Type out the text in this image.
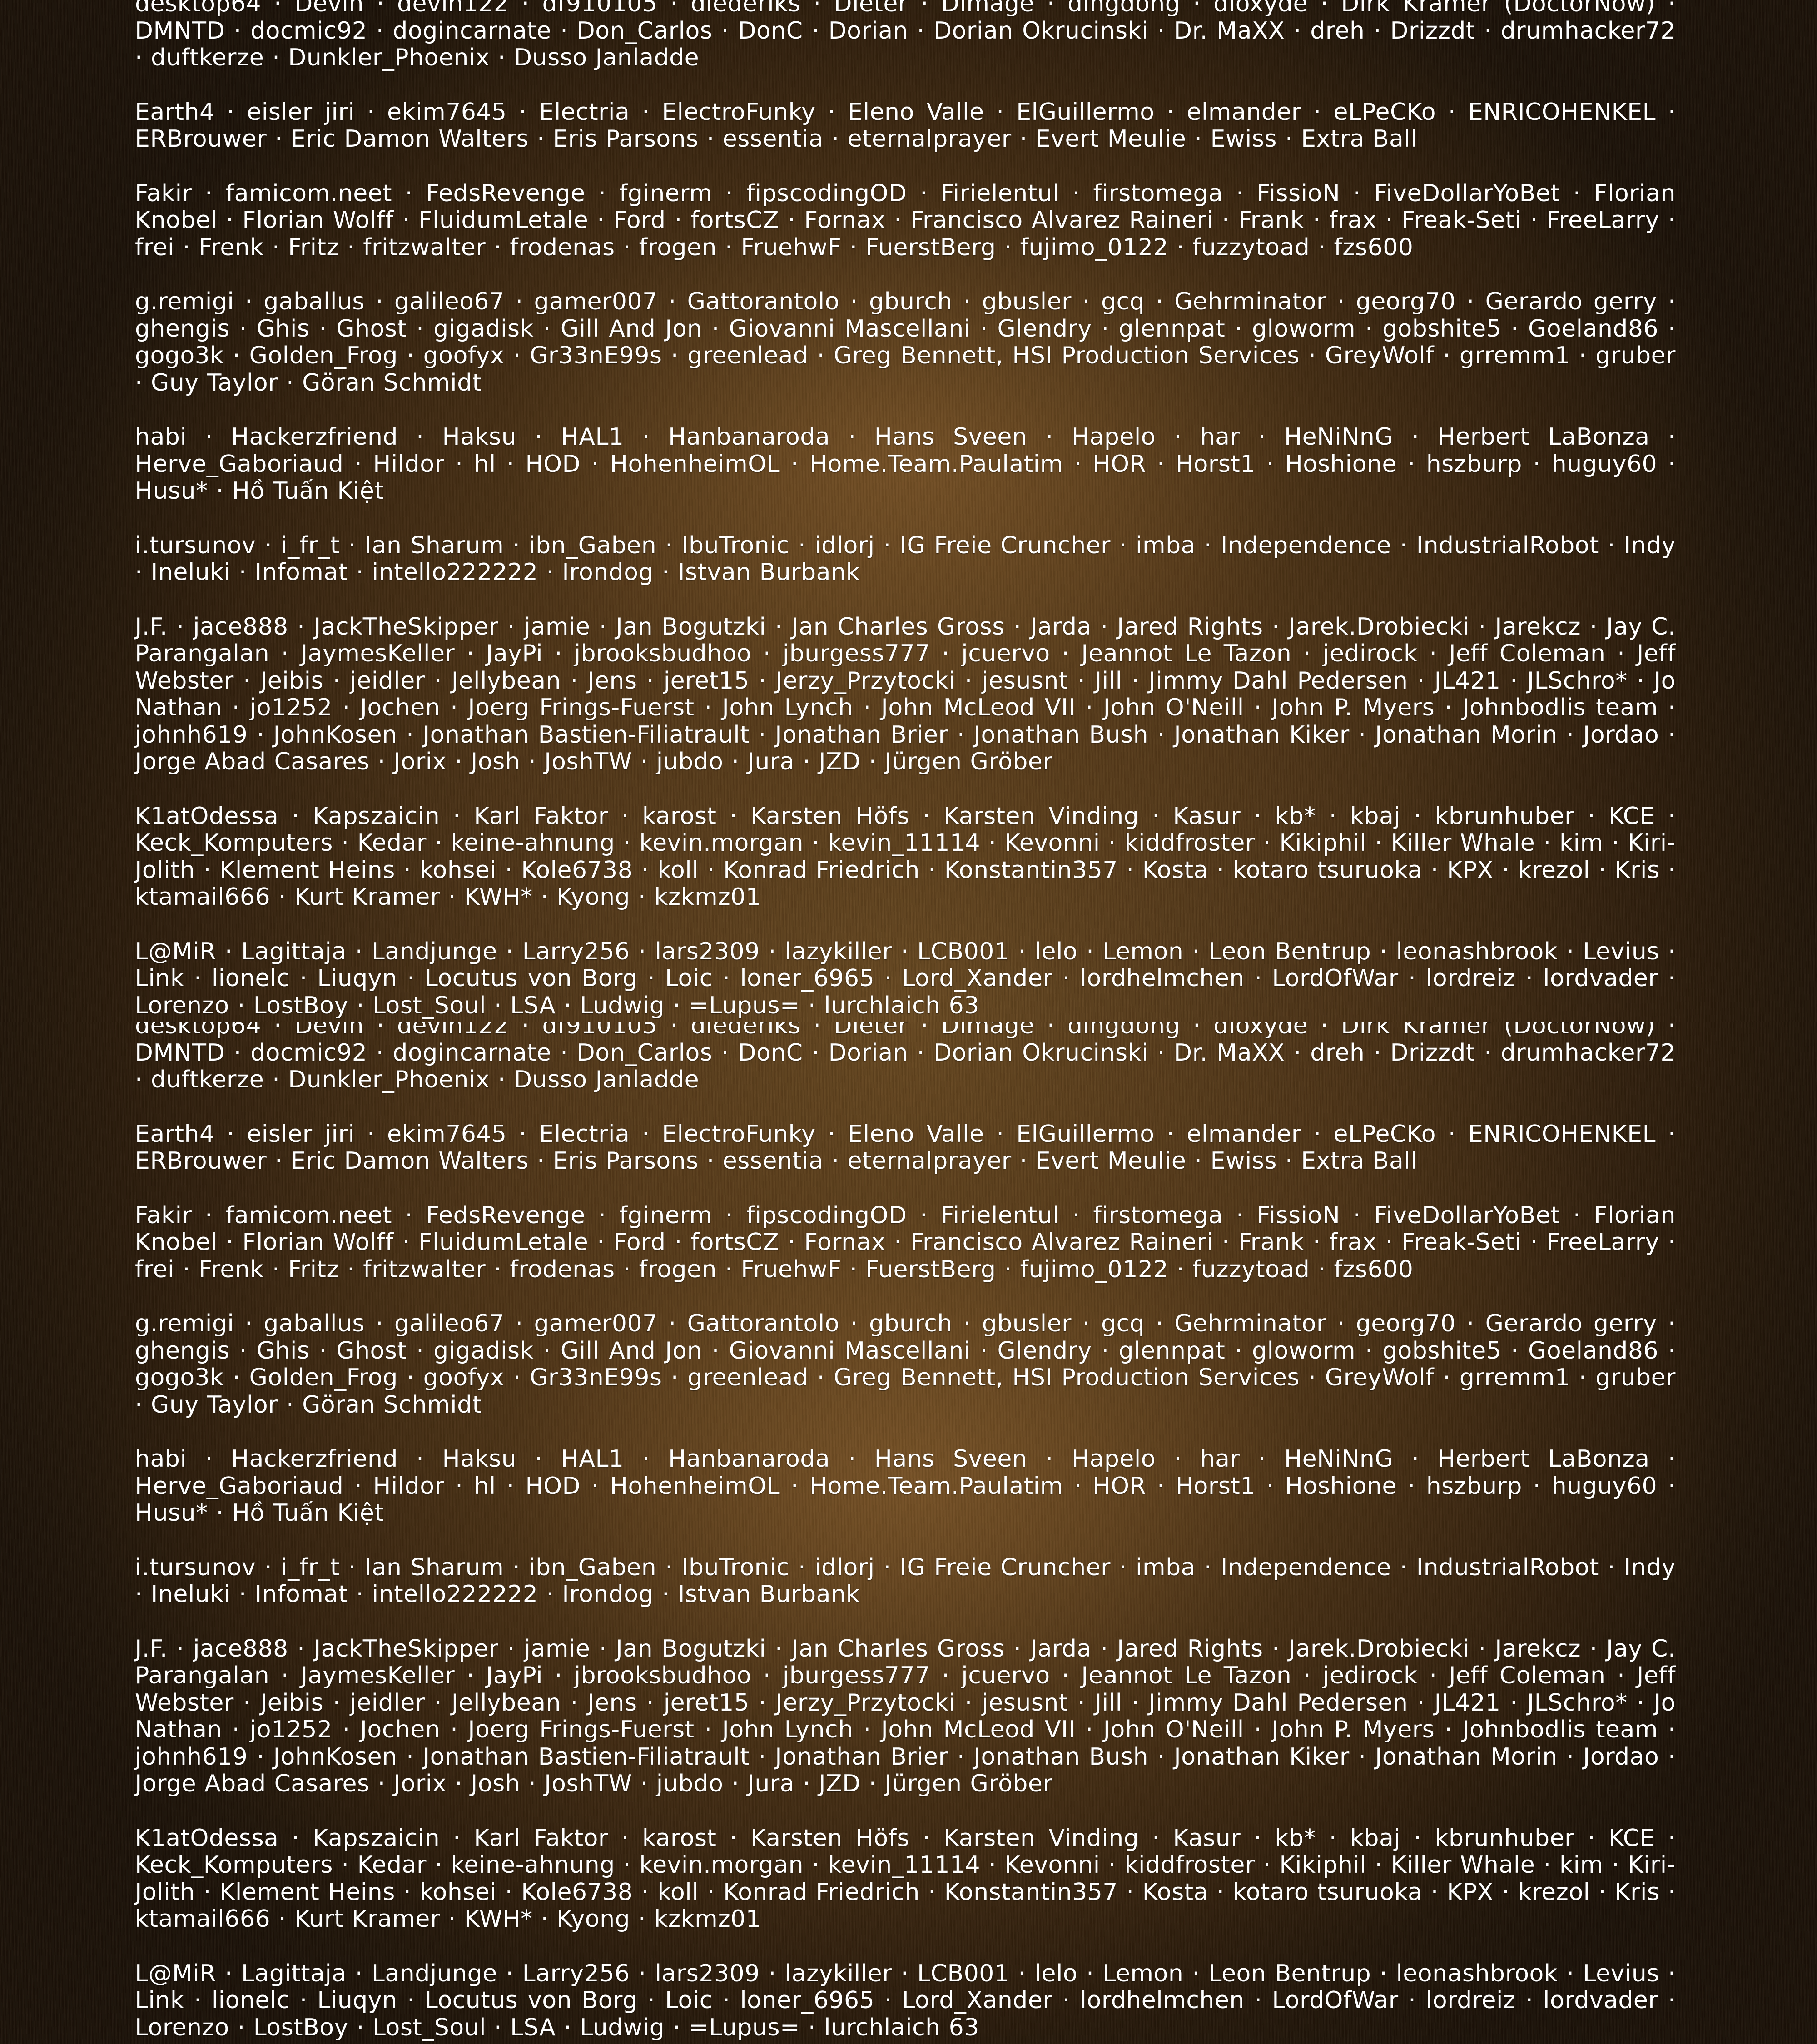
desktop64 · Devin · devin122 · df910105 · diederiks · Dieter · Dimage · dingdong · dioxyde · Dirk Krämer (DoctorNow) · DMNTD · docmic92 · dogincarnate · Don_Carlos · DonC · Dorian · Dorian Okrucinski · Dr. MaXX · dreh · Drizzdt · drumhacker72 · duftkerze · Dunkler_Phoenix · Dusso Janladde

Earth4 · eisler jiri · ekim7645 · Electria · ElectroFunky · Eleno Valle · ElGuillermo · elmander · eLPeCKo · ENRICOHENKEL · ERBrouwer · Eric Damon Walters · Eris Parsons · essentia · eternalprayer · Evert Meulie · Ewiss · Extra Ball

Fakir · famicom.neet · FedsRevenge · fginerm · fipscodingOD · Firielentul · firstomega · FissioN · FiveDollarYoBet · Florian Knobel · Florian Wolff · FluidumLetale · Ford · fortsCZ · Fornax · Francisco Alvarez Raineri · Frank · frax · Freak-Seti · FreeLarry · frei · Frenk · Fritz · fritzwalter · frodenas · frogen · FruehwF · FuerstBerg · fujimo_0122 · fuzzytoad · fzs600

g.remigi · gaballus · galileo67 · gamer007 · Gattorantolo · gburch · gbusler · gcq · Gehrminator · georg70 · Gerardo gerry · ghengis · Ghis · Ghost · gigadisk · Gill And Jon · Giovanni Mascellani · Glendry · glennpat · gloworm · gobshite5 · Goeland86 · gogo3k · Golden_Frog · goofyx · Gr33nE99s · greenlead · Greg Bennett, HSI Production Services · GreyWolf · grremm1 · gruber · Guy Taylor · Göran Schmidt

habi · Hackerzfriend · Haksu · HAL1 · Hanbanaroda · Hans Sveen · Hapelo · har · HeNiNnG · Herbert LaBonza · Herve_Gaboriaud · Hildor · hl · HOD · HohenheimOL · Home.Team.Paulatim · HOR · Horst1 · Hoshione · hszburp · huguy60 · Husu* · Hồ Tuấn Kiệt

i.tursunov · i_fr_t · Ian Sharum · ibn_Gaben · IbuTronic · idlorj · IG Freie Cruncher · imba · Independence · IndustrialRobot · Indy · Ineluki · Infomat · intello222222 · Irondog · Istvan Burbank

J.F. · jace888 · JackTheSkipper · jamie · Jan Bogutzki · Jan Charles Gross · Jarda · Jared Rights · Jarek.Drobiecki · Jarekcz · Jay C. Parangalan · JaymesKeller · JayPi · jbrooksbudhoo · jburgess777 · jcuervo · Jeannot Le Tazon · jedirock · Jeff Coleman · Jeff Webster · Jeibis · jeidler · Jellybean · Jens · jeret15 · Jerzy_Przytocki · jesusnt · Jill · Jimmy Dahl Pedersen · JL421 · JLSchro* · Jo Nathan · jo1252 · Jochen · Joerg Frings-Fuerst · John Lynch · John McLeod VII · John O'Neill · John P. Myers · Johnbodlis team · johnh619 · JohnKosen · Jonathan Bastien-Filiatrault · Jonathan Brier · Jonathan Bush · Jonathan Kiker · Jonathan Morin · Jordao · Jorge Abad Casares · Jorix · Josh · JoshTW · jubdo · Jura · JZD · Jürgen Gröber

K1atOdessa · Kapszaicin · Karl Faktor · karost · Karsten Höfs · Karsten Vinding · Kasur · kb* · kbaj · kbrunhuber · KCE · Keck_Komputers · Kedar · keine-ahnung · kevin.morgan · kevin_11114 · Kevonni · kiddfroster · Kikiphil · Killer Whale · kim · Kiri-Jolith · Klement Heins · kohsei · Kole6738 · koll · Konrad Friedrich · Konstantin357 · Kosta · kotaro tsuruoka · KPX · krezol · Kris · ktamail666 · Kurt Kramer · KWH* · Kyong · kzkmz01

L@MiR · Lagittaja · Landjunge · Larry256 · lars2309 · lazykiller · LCB001 · lelo · Lemon · Leon Bentrup · leonashbrook · Levius · Link · lionelc · Liuqyn · Locutus von Borg · Loic · loner_6965 · Lord_Xander · lordhelmchen · LordOfWar · lordreiz · lordvader · Lorenzo · LostBoy · Lost_Soul · LSA · Ludwig · =Lupus= · lurchlaich 63

desktop64 · Devin · devin122 · df910105 · diederiks · Dieter · Dimage · dingdong · dioxyde · Dirk Krämer (DoctorNow) · DMNTD · docmic92 · dogincarnate · Don_Carlos · DonC · Dorian · Dorian Okrucinski · Dr. MaXX · dreh · Drizzdt · drumhacker72 · duftkerze · Dunkler_Phoenix · Dusso Janladde

Earth4 · eisler jiri · ekim7645 · Electria · ElectroFunky · Eleno Valle · ElGuillermo · elmander · eLPeCKo · ENRICOHENKEL · ERBrouwer · Eric Damon Walters · Eris Parsons · essentia · eternalprayer · Evert Meulie · Ewiss · Extra Ball

Fakir · famicom.neet · FedsRevenge · fginerm · fipscodingOD · Firielentul · firstomega · FissioN · FiveDollarYoBet · Florian Knobel · Florian Wolff · FluidumLetale · Ford · fortsCZ · Fornax · Francisco Alvarez Raineri · Frank · frax · Freak-Seti · FreeLarry · frei · Frenk · Fritz · fritzwalter · frodenas · frogen · FruehwF · FuerstBerg · fujimo_0122 · fuzzytoad · fzs600

g.remigi · gaballus · galileo67 · gamer007 · Gattorantolo · gburch · gbusler · gcq · Gehrminator · georg70 · Gerardo gerry · ghengis · Ghis · Ghost · gigadisk · Gill And Jon · Giovanni Mascellani · Glendry · glennpat · gloworm · gobshite5 · Goeland86 · gogo3k · Golden_Frog · goofyx · Gr33nE99s · greenlead · Greg Bennett, HSI Production Services · GreyWolf · grremm1 · gruber · Guy Taylor · Göran Schmidt

habi · Hackerzfriend · Haksu · HAL1 · Hanbanaroda · Hans Sveen · Hapelo · har · HeNiNnG · Herbert LaBonza · Herve_Gaboriaud · Hildor · hl · HOD · HohenheimOL · Home.Team.Paulatim · HOR · Horst1 · Hoshione · hszburp · huguy60 · Husu* · Hồ Tuấn Kiệt

i.tursunov · i_fr_t · Ian Sharum · ibn_Gaben · IbuTronic · idlorj · IG Freie Cruncher · imba · Independence · IndustrialRobot · Indy · Ineluki · Infomat · intello222222 · Irondog · Istvan Burbank

J.F. · jace888 · JackTheSkipper · jamie · Jan Bogutzki · Jan Charles Gross · Jarda · Jared Rights · Jarek.Drobiecki · Jarekcz · Jay C. Parangalan · JaymesKeller · JayPi · jbrooksbudhoo · jburgess777 · jcuervo · Jeannot Le Tazon · jedirock · Jeff Coleman · Jeff Webster · Jeibis · jeidler · Jellybean · Jens · jeret15 · Jerzy_Przytocki · jesusnt · Jill · Jimmy Dahl Pedersen · JL421 · JLSchro* · Jo Nathan · jo1252 · Jochen · Joerg Frings-Fuerst · John Lynch · John McLeod VII · John O'Neill · John P. Myers · Johnbodlis team · johnh619 · JohnKosen · Jonathan Bastien-Filiatrault · Jonathan Brier · Jonathan Bush · Jonathan Kiker · Jonathan Morin · Jordao · Jorge Abad Casares · Jorix · Josh · JoshTW · jubdo · Jura · JZD · Jürgen Gröber

K1atOdessa · Kapszaicin · Karl Faktor · karost · Karsten Höfs · Karsten Vinding · Kasur · kb* · kbaj · kbrunhuber · KCE · Keck_Komputers · Kedar · keine-ahnung · kevin.morgan · kevin_11114 · Kevonni · kiddfroster · Kikiphil · Killer Whale · kim · Kiri-Jolith · Klement Heins · kohsei · Kole6738 · koll · Konrad Friedrich · Konstantin357 · Kosta · kotaro tsuruoka · KPX · krezol · Kris · ktamail666 · Kurt Kramer · KWH* · Kyong · kzkmz01

L@MiR · Lagittaja · Landjunge · Larry256 · lars2309 · lazykiller · LCB001 · lelo · Lemon · Leon Bentrup · leonashbrook · Levius · Link · lionelc · Liuqyn · Locutus von Borg · Loic · loner_6965 · Lord_Xander · lordhelmchen · LordOfWar · lordreiz · lordvader · Lorenzo · LostBoy · Lost_Soul · LSA · Ludwig · =Lupus= · lurchlaich 63
